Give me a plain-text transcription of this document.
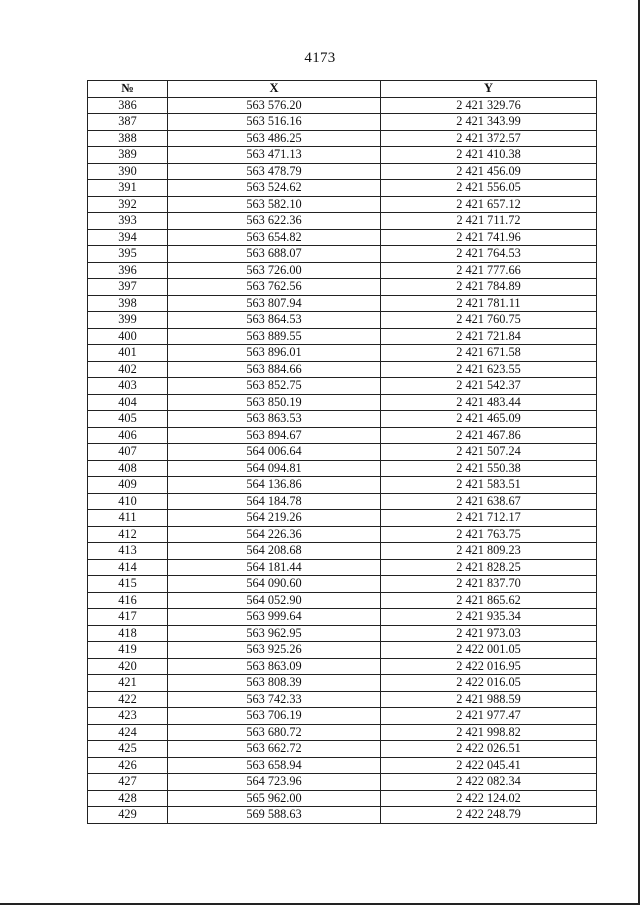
4173
№	X	Y
386	563 576.20	2 421 329.76
387	563 516.16	2 421 343.99
388	563 486.25	2 421 372.57
389	563 471.13	2 421 410.38
390	563 478.79	2 421 456.09
391	563 524.62	2 421 556.05
392	563 582.10	2 421 657.12
393	563 622.36	2 421 711.72
394	563 654.82	2 421 741.96
395	563 688.07	2 421 764.53
396	563 726.00	2 421 777.66
397	563 762.56	2 421 784.89
398	563 807.94	2 421 781.11
399	563 864.53	2 421 760.75
400	563 889.55	2 421 721.84
401	563 896.01	2 421 671.58
402	563 884.66	2 421 623.55
403	563 852.75	2 421 542.37
404	563 850.19	2 421 483.44
405	563 863.53	2 421 465.09
406	563 894.67	2 421 467.86
407	564 006.64	2 421 507.24
408	564 094.81	2 421 550.38
409	564 136.86	2 421 583.51
410	564 184.78	2 421 638.67
411	564 219.26	2 421 712.17
412	564 226.36	2 421 763.75
413	564 208.68	2 421 809.23
414	564 181.44	2 421 828.25
415	564 090.60	2 421 837.70
416	564 052.90	2 421 865.62
417	563 999.64	2 421 935.34
418	563 962.95	2 421 973.03
419	563 925.26	2 422 001.05
420	563 863.09	2 422 016.95
421	563 808.39	2 422 016.05
422	563 742.33	2 421 988.59
423	563 706.19	2 421 977.47
424	563 680.72	2 421 998.82
425	563 662.72	2 422 026.51
426	563 658.94	2 422 045.41
427	564 723.96	2 422 082.34
428	565 962.00	2 422 124.02
429	569 588.63	2 422 248.79
